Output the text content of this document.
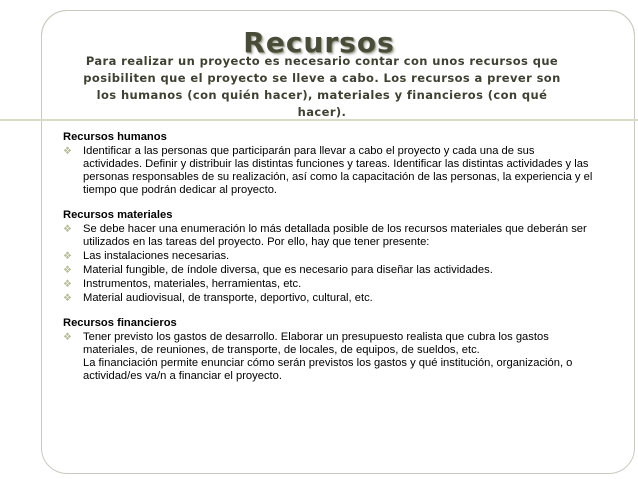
Recursos
Para realizar un proyecto es necesario contar con unos recursos que posibiliten que el proyecto se lleve a cabo. Los recursos a prever son los humanos (con quién hacer), materiales y financieros (con qué hacer).
Recursos humanos
❖ Identificar a las personas que participarán para llevar a cabo el proyecto y cada una de sus actividades. Definir y distribuir las distintas funciones y tareas. Identificar las distintas actividades y las personas responsables de su realización, así como la capacitación de las personas, la experiencia y el tiempo que podrán dedicar al proyecto.
Recursos materiales
❖ Se debe hacer una enumeración lo más detallada posible de los recursos materiales que deberán ser utilizados en las tareas del proyecto. Por ello, hay que tener presente:
❖ Las instalaciones necesarias.
❖ Material fungible, de índole diversa, que es necesario para diseñar las actividades.
❖ Instrumentos, materiales, herramientas, etc.
❖ Material audiovisual, de transporte, deportivo, cultural, etc.
Recursos financieros
❖ Tener previsto los gastos de desarrollo. Elaborar un presupuesto realista que cubra los gastos materiales, de reuniones, de transporte, de locales, de equipos, de sueldos, etc.
La financiación permite enunciar cómo serán previstos los gastos y qué institución, organización, o actividad/es va/n a financiar el proyecto.
